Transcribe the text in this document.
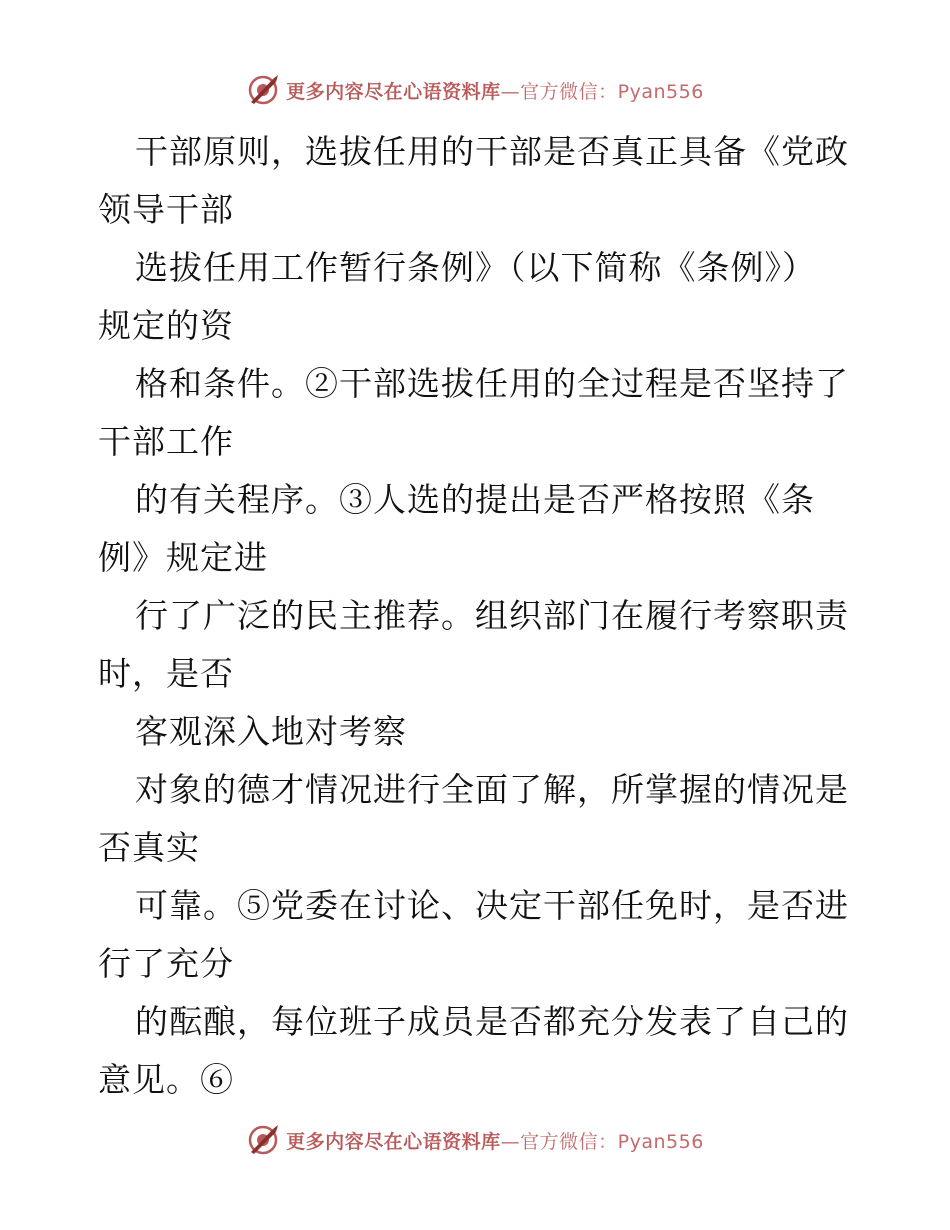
更多内容尽在心语资料库—官方微信：Pyan556
干部原则，选拔任用的干部是否真正具备《党政
领导干部
选拔任用工作暂行条例》（以下简称《条例》）
规定的资
格和条件。②干部选拔任用的全过程是否坚持了
干部工作
的有关程序。③人选的提出是否严格按照《条
例》规定进
行了广泛的民主推荐。组织部门在履行考察职责
时，是否
客观深入地对考察
对象的德才情况进行全面了解，所掌握的情况是
否真实
可靠。⑤党委在讨论、决定干部任免时，是否进
行了充分
的酝酿，每位班子成员是否都充分发表了自己的
意见。⑥
更多内容尽在心语资料库—官方微信：Pyan556
